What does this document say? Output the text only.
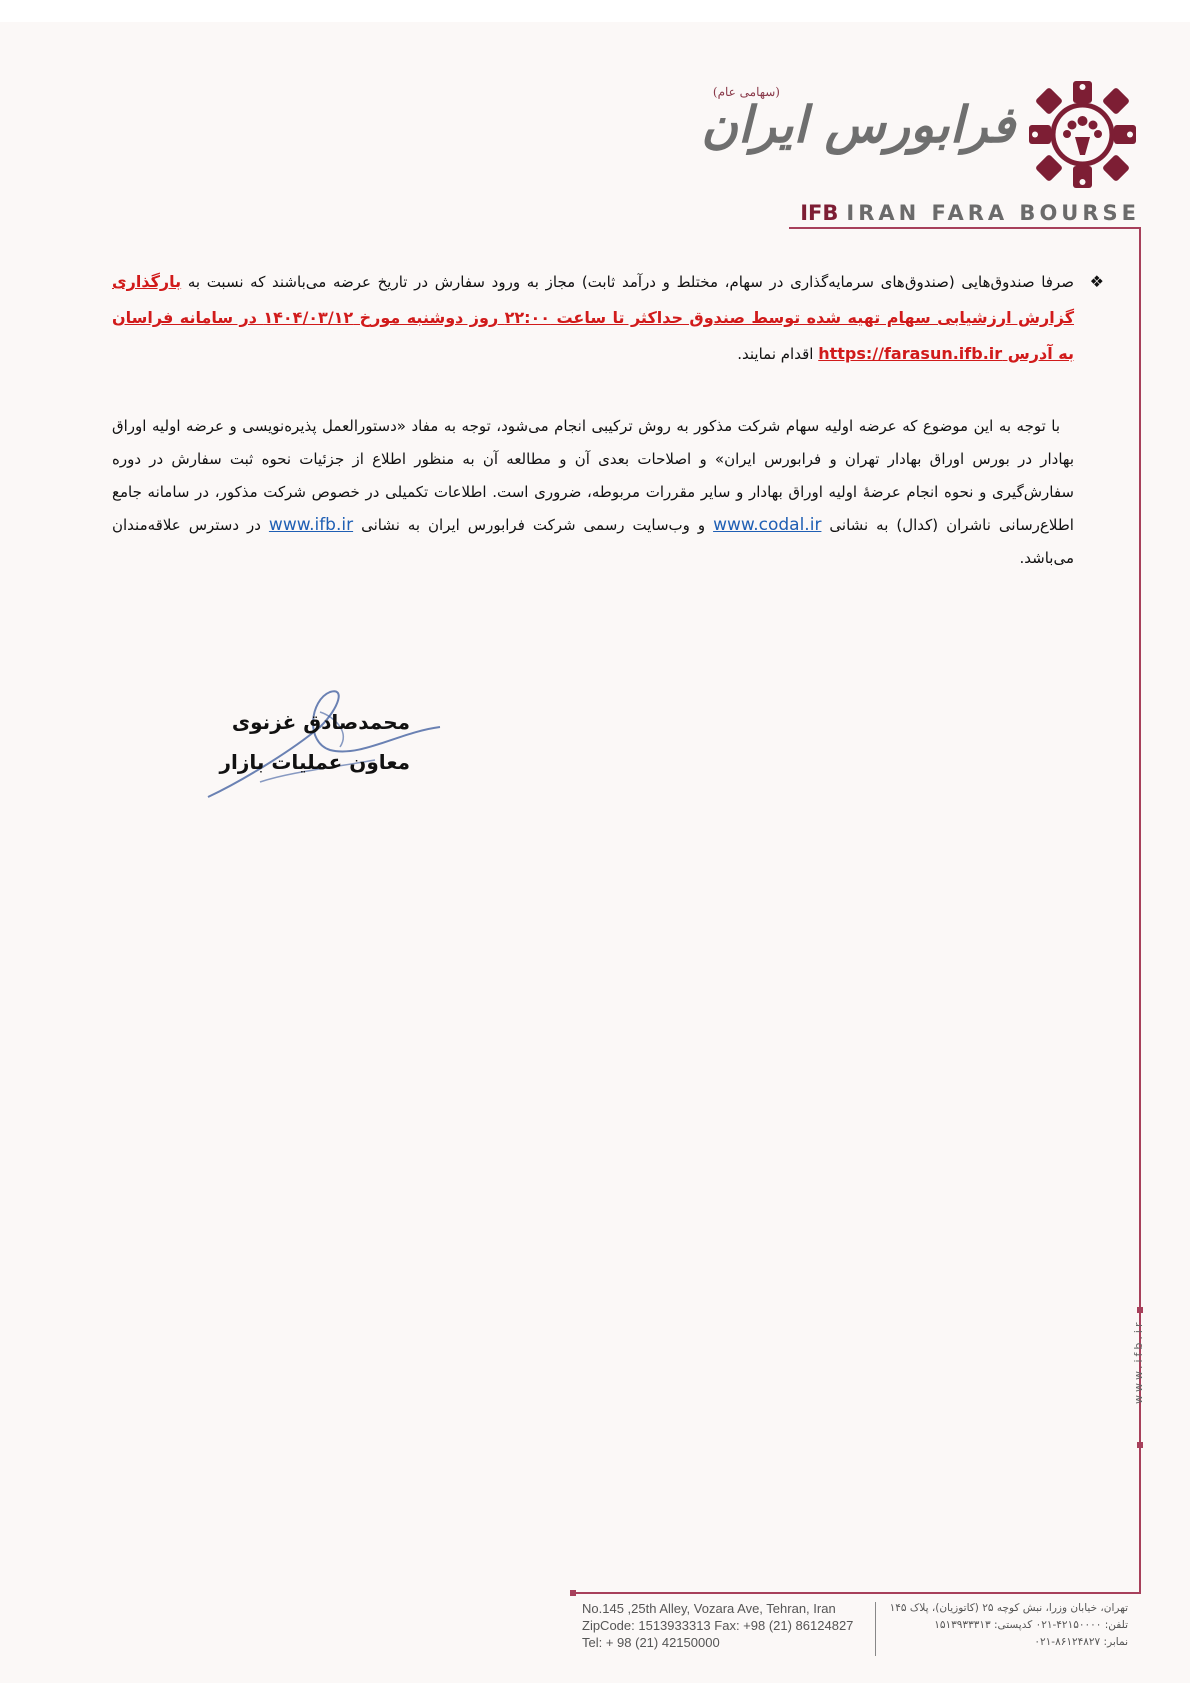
(سهامی عام)
فرابورس ایران
IFB IRAN FARA BOURSE
www.ifb.ir
❖
صرفا صندوق‌هایی (صندوق‌های سرمایه‌گذاری در سهام، مختلط و درآمد ثابت) مجاز به ورود سفارش در تاریخ عرضه می‌باشند که نسبت به بارگذاری گزارش ارزشیابی سهام تهیه شده توسط صندوق حداکثر تا ساعت ۲۲:۰۰ روز دوشنبه مورخ ۱۴۰۴/۰۳/۱۲ در سامانه فراسان به آدرس https://farasun.ifb.ir اقدام نمایند.
با توجه به این موضوع که عرضه اولیه سهام شرکت مذکور به روش ترکیبی انجام می‌شود، توجه به مفاد «دستورالعمل پذیره‌نویسی و عرضه اولیه اوراق بهادار در بورس اوراق بهادار تهران و فرابورس ایران» و اصلاحات بعدی آن و مطالعه آن به منظور اطلاع از جزئیات نحوه ثبت سفارش در دوره سفارش‌گیری و نحوه انجام عرضهٔ اولیه اوراق بهادار و سایر مقررات مربوطه، ضروری است. اطلاعات تکمیلی در خصوص شرکت مذکور، در سامانه جامع اطلاع‌رسانی ناشران (کدال) به نشانی www.codal.ir و وب‌سایت رسمی شرکت فرابورس ایران به نشانی www.ifb.ir در دسترس علاقه‌مندان می‌باشد.
محمدصادق غزنوی
معاون عملیات بازار
No.145 ,25th Alley, Vozara Ave, Tehran, Iran
ZipCode: 1513933313 Fax: +98 (21) 86124827
Tel: + 98 (21) 42150000
تهران، خیابان وزرا، نبش کوچه ۲۵ (کاتوزیان)، پلاک ۱۴۵
تلفن: ۴۲۱۵۰۰۰۰-۰۲۱ کدپستی: ۱۵۱۳۹۳۳۳۱۳
نمابر: ۸۶۱۲۴۸۲۷-۰۲۱
